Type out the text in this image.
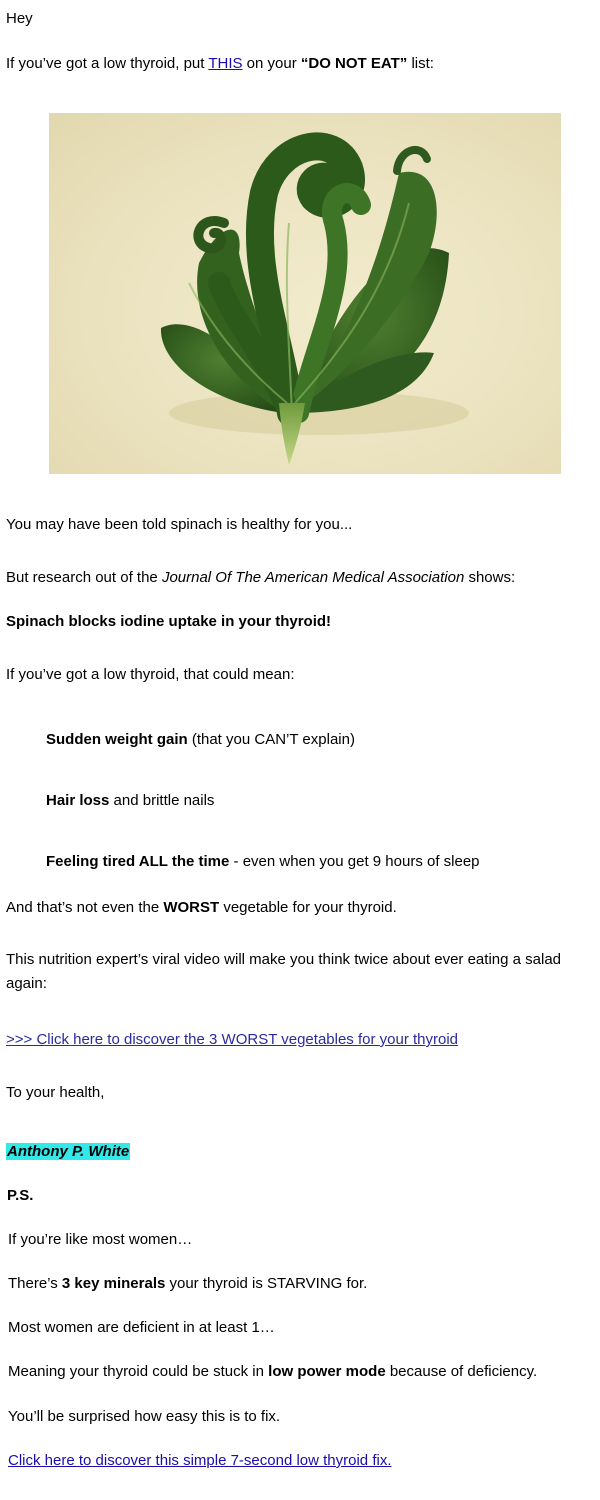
Hey
If you’ve got a low thyroid, put THIS on your “DO NOT EAT” list:
You may have been told spinach is healthy for you...
But research out of the Journal Of The American Medical Association shows:
Spinach blocks iodine uptake in your thyroid!
If you’ve got a low thyroid, that could mean:
Sudden weight gain (that you CAN’T explain)
Hair loss and brittle nails
Feeling tired ALL the time - even when you get 9 hours of sleep
And that’s not even the WORST vegetable for your thyroid.
This nutrition expert’s viral video will make you think twice about ever eating a salad again:
>>> Click here to discover the 3 WORST vegetables for your thyroid
To your health,
Anthony P. White
P.S.
If you’re like most women…
There’s 3 key minerals your thyroid is STARVING for.
Most women are deficient in at least 1…
Meaning your thyroid could be stuck in low power mode because of deficiency.
You’ll be surprised how easy this is to fix.
Click here to discover this simple 7-second low thyroid fix.
